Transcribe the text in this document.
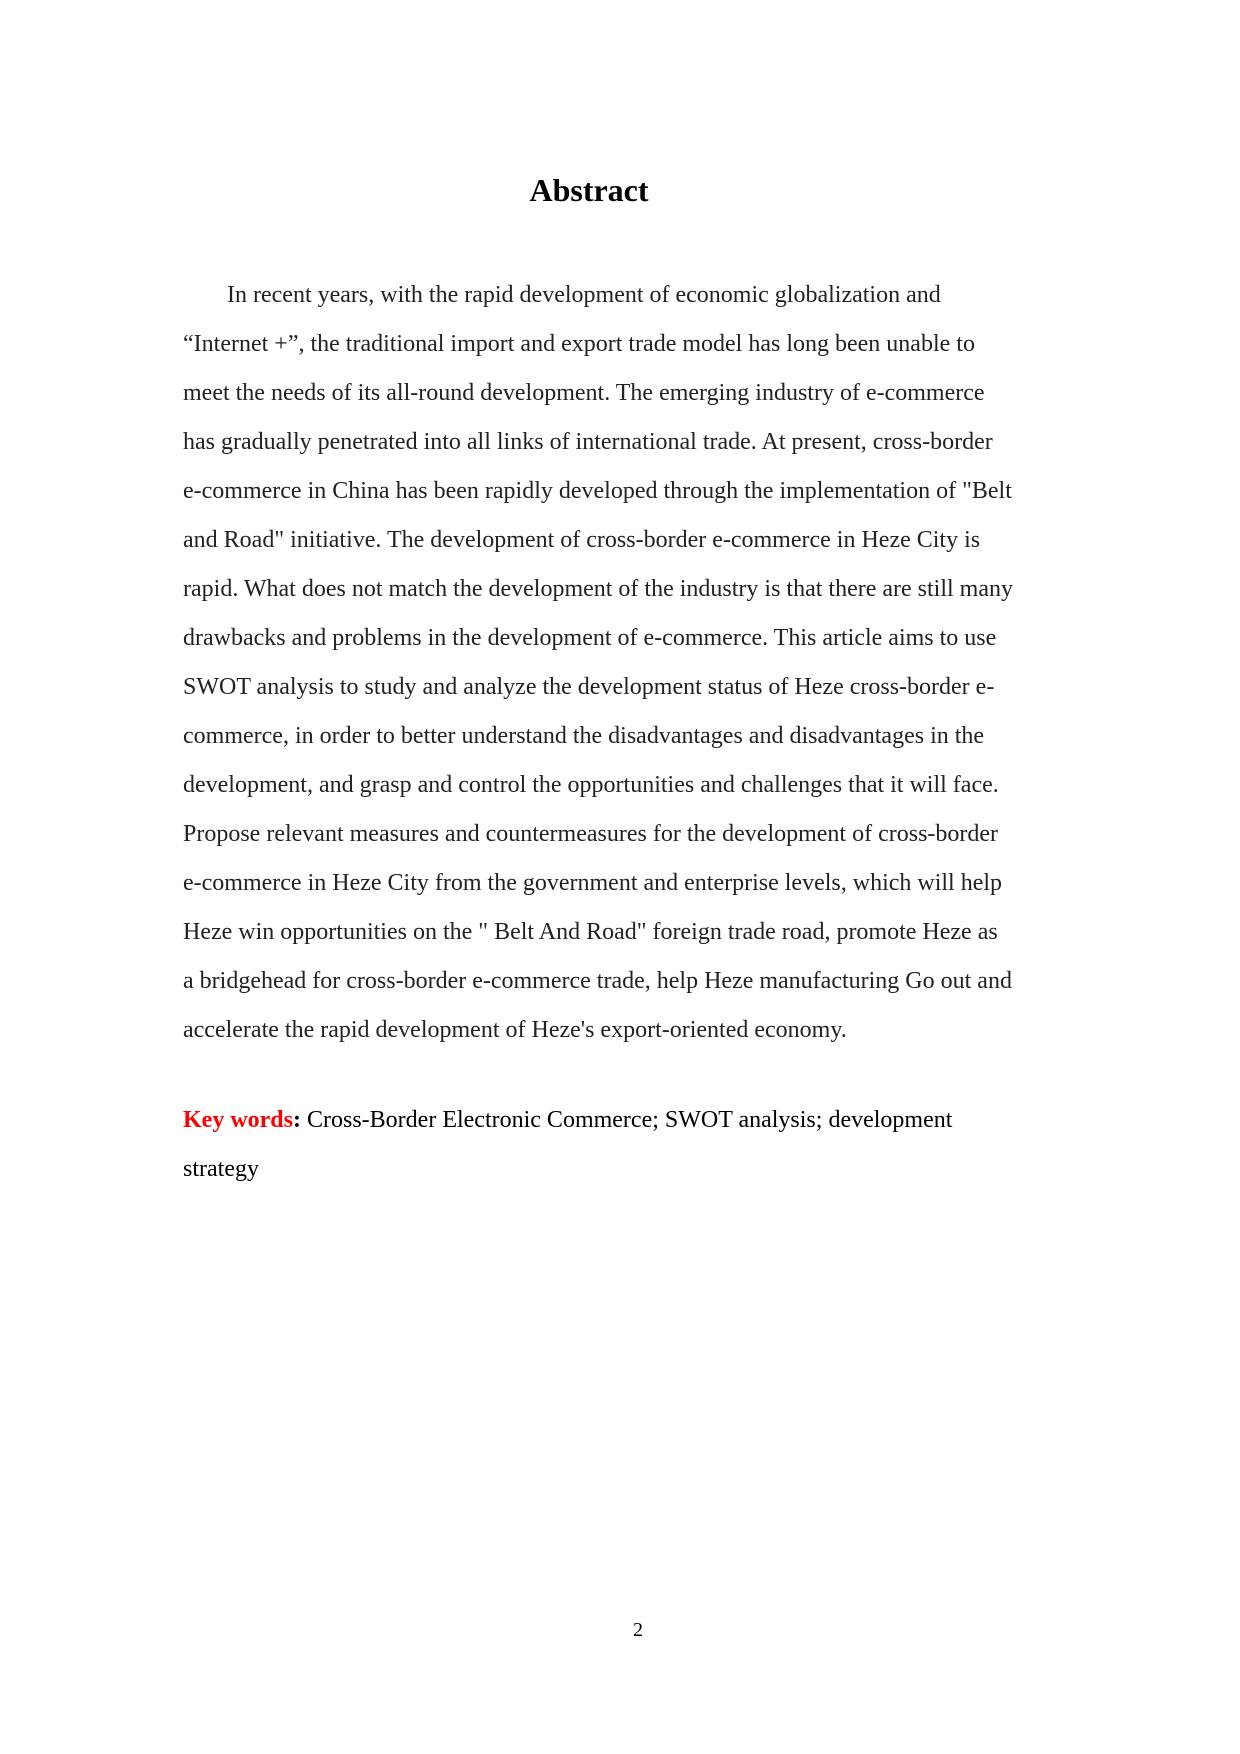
Abstract
In recent years, with the rapid development of economic globalization and
“Internet +”, the traditional import and export trade model has long been unable to
meet the needs of its all-round development. The emerging industry of e-commerce
has gradually penetrated into all links of international trade. At present, cross-border
e-commerce in China has been rapidly developed through the implementation of "Belt
and Road" initiative. The development of cross-border e-commerce in Heze City is
rapid. What does not match the development of the industry is that there are still many
drawbacks and problems in the development of e-commerce. This article aims to use
SWOT analysis to study and analyze the development status of Heze cross-border e-
commerce, in order to better understand the disadvantages and disadvantages in the
development, and grasp and control the opportunities and challenges that it will face.
Propose relevant measures and countermeasures for the development of cross-border
e-commerce in Heze City from the government and enterprise levels, which will help
Heze win opportunities on the " Belt And Road" foreign trade road, promote Heze as
a bridgehead for cross-border e-commerce trade, help Heze manufacturing Go out and
accelerate the rapid development of Heze's export-oriented economy.
Key words: Cross-Border Electronic Commerce; SWOT analysis; development
strategy
2
